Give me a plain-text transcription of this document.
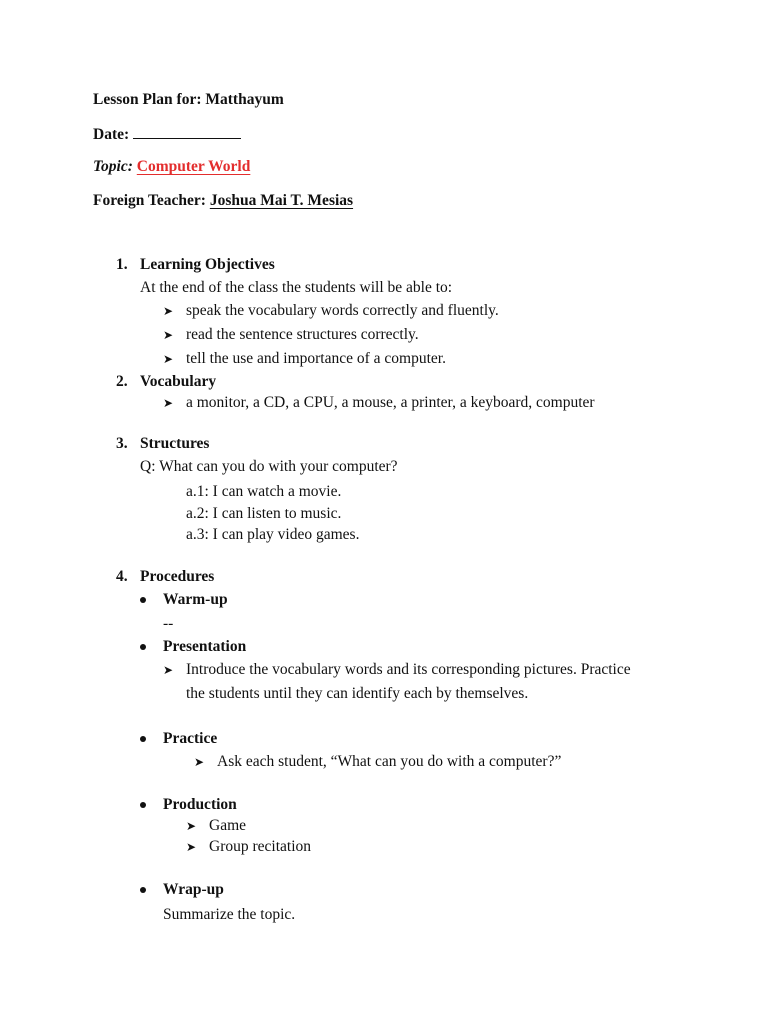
Lesson Plan for: Matthayum
Date:
Topic: Computer World
Foreign Teacher: Joshua Mai T. Mesias
1. Learning Objectives
At the end of the class the students will be able to:
➤ speak the vocabulary words correctly and fluently.
➤ read the sentence structures correctly.
➤ tell the use and importance of a computer.
2. Vocabulary
➤ a monitor, a CD, a CPU, a mouse, a printer, a keyboard, computer
3. Structures
Q: What can you do with your computer?
a.1: I can watch a movie.
a.2: I can listen to music.
a.3: I can play video games.
4. Procedures
Warm-up
--
Presentation
➤ Introduce the vocabulary words and its corresponding pictures. Practice
the students until they can identify each by themselves.
Practice
➤ Ask each student, “What can you do with a computer?”
Production
➤ Game
➤ Group recitation
Wrap-up
Summarize the topic.
